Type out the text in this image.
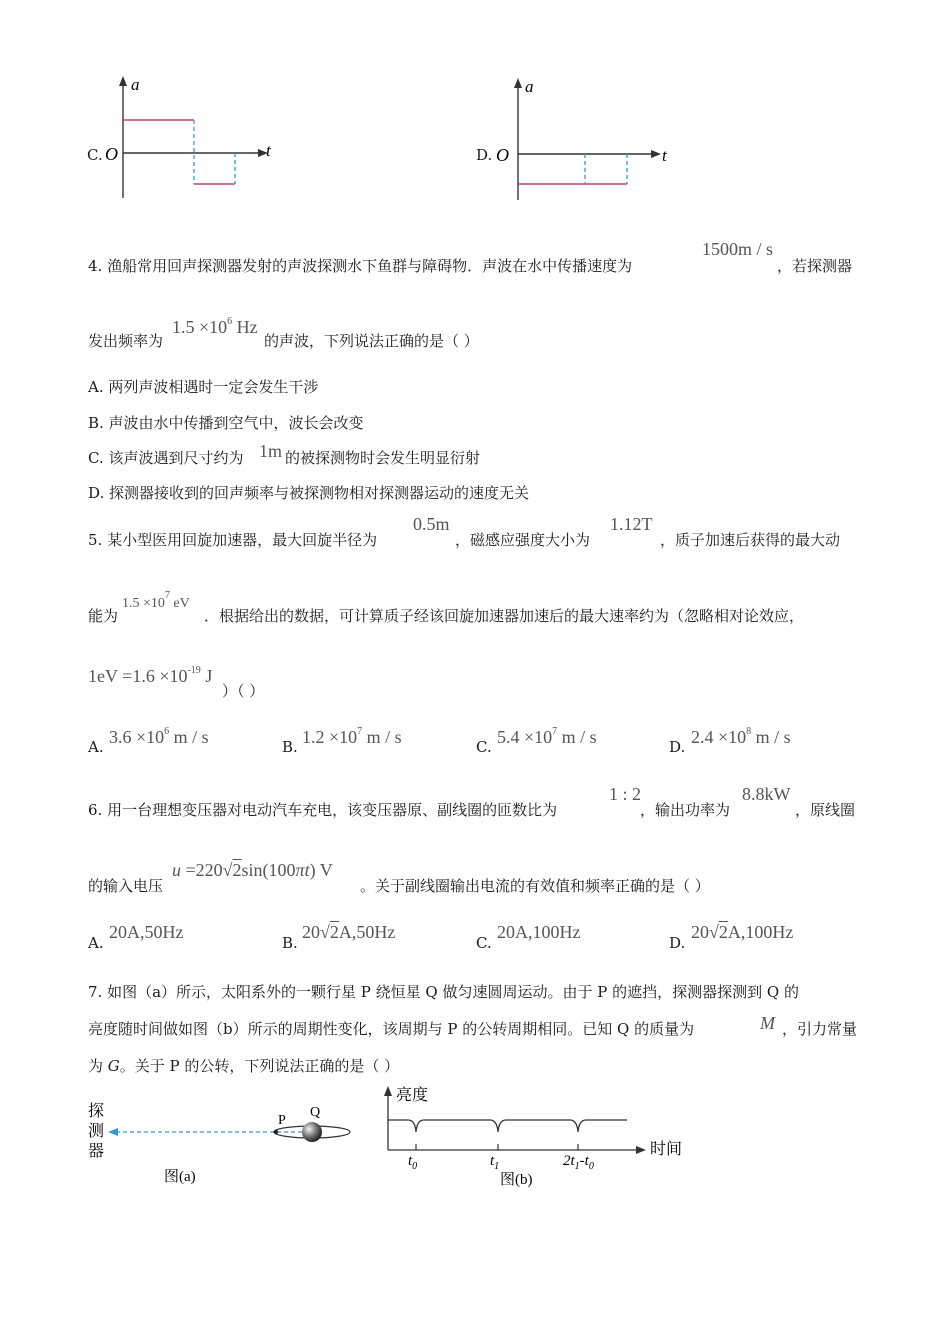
C.
a
O	t	D.
a
O	t
4. 渔船常用回声探测器发射的声波探测水下鱼群与障碍物．声波在水中传播速度为
1500m / s
，若探测器
发出频率为
$1.5 \times 10^6$ Hz
的声波，下列说法正确的是（ ）
A. 两列声波相遇时一定会发生干涉
B. 声波由水中传播到空气中，波长会改变
C. 该声波遇到尺寸约为 1m 的被探测物时会发生明显衍射
D. 探测器接收到的回声频率与被探测物相对探测器运动的速度无关
5. 某小型医用回旋加速器，最大回旋半径为
0.5m
，磁感应强度大小为
1.12T
，质子加速后获得的最大动
能为
$1.5 \times 10^7$ eV
．根据给出的数据，可计算质子经该回旋加速器加速后的最大速率约为（忽略相对论效应，
$1eV =1.6 \times 10^{-19}$ J
）（ ）
A. $3.6 \times 10^6$ m / s	B. $1.2 \times 10^7$ m / s	C. $5.4 \times 10^7$ m / s	D. $2.4 \times 10^8$ m / s
6. 用一台理想变压器对电动汽车充电，该变压器原、副线圈的匝数比为
1 : 2
，输出功率为
8.8kW
，原线圈
的输入电压
u =220√2sin(100πt) V
。关于副线圈输出电流的有效值和频率正确的是（ ）
A.
20A,50Hz
B.
20√2A,50Hz
C.
20A,100Hz
D.
20√2A,100Hz
7. 如图（a）所示，太阳系外的一颗行星 P 绕恒星 Q 做匀速圆周运动。由于 P 的遮挡，探测器探测到 Q 的
亮度随时间做如图（b）所示的周期性变化，该周期与 P 的公转周期相同。已知 Q 的质量为	M ，引力常量
为 G。关于 P 的公转，下列说法正确的是（ ）
探
测
器
P
Q
图(a)
亮度
时间
$t_0$	$t_1$	$2t_1-t_0$
图(b)
